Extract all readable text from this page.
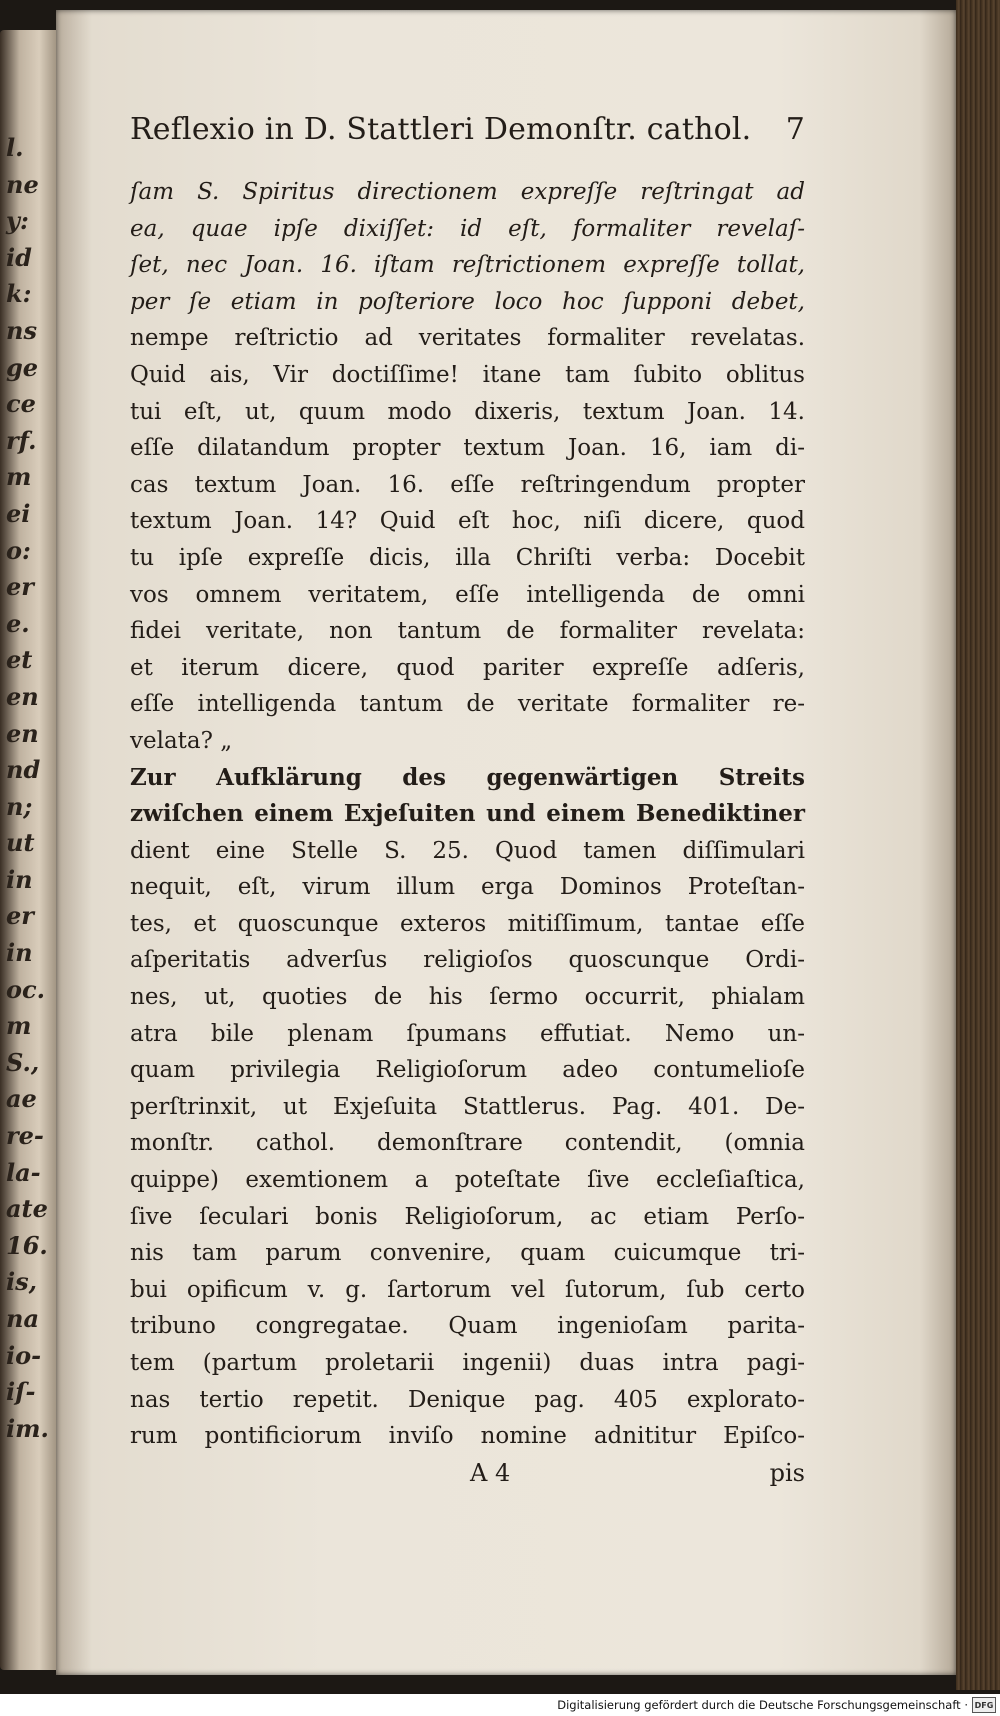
l.
ne
y:
id
k:
ns
ge
ce
rf.
m
ei
o:
er
e.
et
en
en
nd
n;
ut
in
er
in
oc.
m
S.,
ae
re-
la-
ate
16.
is,
na
io-
iſ-
im.
Reflexio in D. Stattleri Demonſtr. cathol. 7
ſam S. Spiritus directionem expreſſe reſtringat ad
ea, quae ipſe dixiſſet: id eſt, formaliter revelaſ-
ſet, nec Joan. 16. iſtam reſtrictionem expreſſe tollat,
per ſe etiam in poſteriore loco hoc ſupponi debet,
nempe reſtrictio ad veritates formaliter revelatas.
Quid ais, Vir doctiſſime! itane tam ſubito oblitus
tui eſt, ut, quum modo dixeris, textum Joan. 14.
eſſe dilatandum propter textum Joan. 16, iam di-
cas textum Joan. 16. eſſe reſtringendum propter
textum Joan. 14? Quid eſt hoc, niſi dicere, quod
tu ipſe expreſſe dicis, illa Chriſti verba: Docebit
vos omnem veritatem, eſſe intelligenda de omni
fidei veritate, non tantum de formaliter revelata:
et iterum dicere, quod pariter expreſſe adſeris,
eſſe intelligenda tantum de veritate formaliter re-
velata? „
Zur Aufklärung des gegenwärtigen Streits
zwiſchen einem Exjeſuiten und einem Benediktiner
dient eine Stelle S. 25. Quod tamen diſſimulari
nequit, eſt, virum illum erga Dominos Proteſtan-
tes, et quoscunque exteros mitiſſimum, tantae eſſe
aſperitatis adverſus religioſos quoscunque Ordi-
nes, ut, quoties de his ſermo occurrit, phialam
atra bile plenam ſpumans effutiat. Nemo un-
quam privilegia Religioſorum adeo contumelioſe
perſtrinxit, ut Exjeſuita Stattlerus. Pag. 401. De-
monſtr. cathol. demonſtrare contendit, (omnia
quippe) exemtionem a poteſtate ſive eccleſiaſtica,
ſive ſeculari bonis Religioſorum, ac etiam Perſo-
nis tam parum convenire, quam cuicumque tri-
bui opificum v. g. ſartorum vel ſutorum, ſub certo
tribuno congregatae. Quam ingenioſam parita-
tem (partum proletarii ingenii) duas intra pagi-
nas tertio repetit. Denique pag. 405 explorato-
rum pontificiorum inviſo nomine adnititur Epiſco-
A 4	pis
Digitalisierung gefördert durch die Deutsche Forschungsgemeinschaft · DFG
